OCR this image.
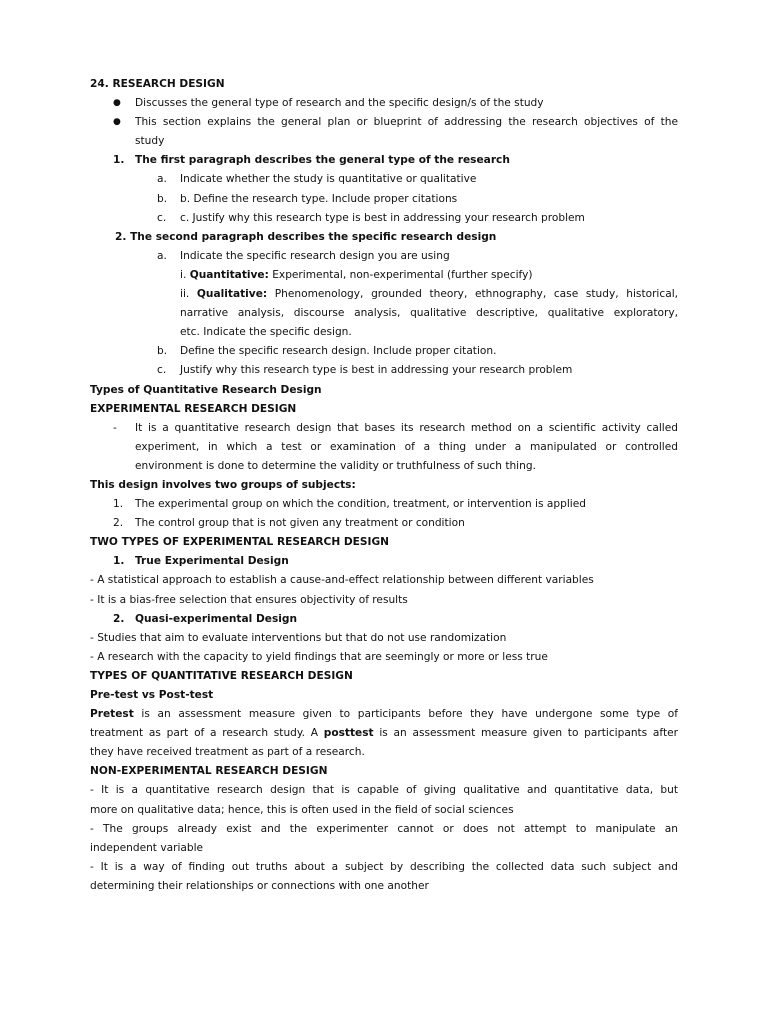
24. RESEARCH DESIGN
● Discusses the general type of research and the specific design/s of the study
● This section explains the general plan or blueprint of addressing the research objectives of the
study
1. The first paragraph describes the general type of the research
a. Indicate whether the study is quantitative or qualitative
b. b. Define the research type. Include proper citations
c. c. Justify why this research type is best in addressing your research problem
2. The second paragraph describes the specific research design
a. Indicate the specific research design you are using
i. Quantitative: Experimental, non-experimental (further specify)
ii. Qualitative: Phenomenology, grounded theory, ethnography, case study, historical,
narrative analysis, discourse analysis, qualitative descriptive, qualitative exploratory,
etc. Indicate the specific design.
b. Define the specific research design. Include proper citation.
c. Justify why this research type is best in addressing your research problem
Types of Quantitative Research Design
EXPERIMENTAL RESEARCH DESIGN
- It is a quantitative research design that bases its research method on a scientific activity called
experiment, in which a test or examination of a thing under a manipulated or controlled
environment is done to determine the validity or truthfulness of such thing.
This design involves two groups of subjects:
1. The experimental group on which the condition, treatment, or intervention is applied
2. The control group that is not given any treatment or condition
TWO TYPES OF EXPERIMENTAL RESEARCH DESIGN
1. True Experimental Design
- A statistical approach to establish a cause-and-effect relationship between different variables
- It is a bias-free selection that ensures objectivity of results
2. Quasi-experimental Design
- Studies that aim to evaluate interventions but that do not use randomization
- A research with the capacity to yield findings that are seemingly or more or less true
TYPES OF QUANTITATIVE RESEARCH DESIGN
Pre-test vs Post-test
Pretest is an assessment measure given to participants before they have undergone some type of
treatment as part of a research study. A posttest is an assessment measure given to participants after
they have received treatment as part of a research.
NON-EXPERIMENTAL RESEARCH DESIGN
- It is a quantitative research design that is capable of giving qualitative and quantitative data, but
more on qualitative data; hence, this is often used in the field of social sciences
- The groups already exist and the experimenter cannot or does not attempt to manipulate an
independent variable
- It is a way of finding out truths about a subject by describing the collected data such subject and
determining their relationships or connections with one another
